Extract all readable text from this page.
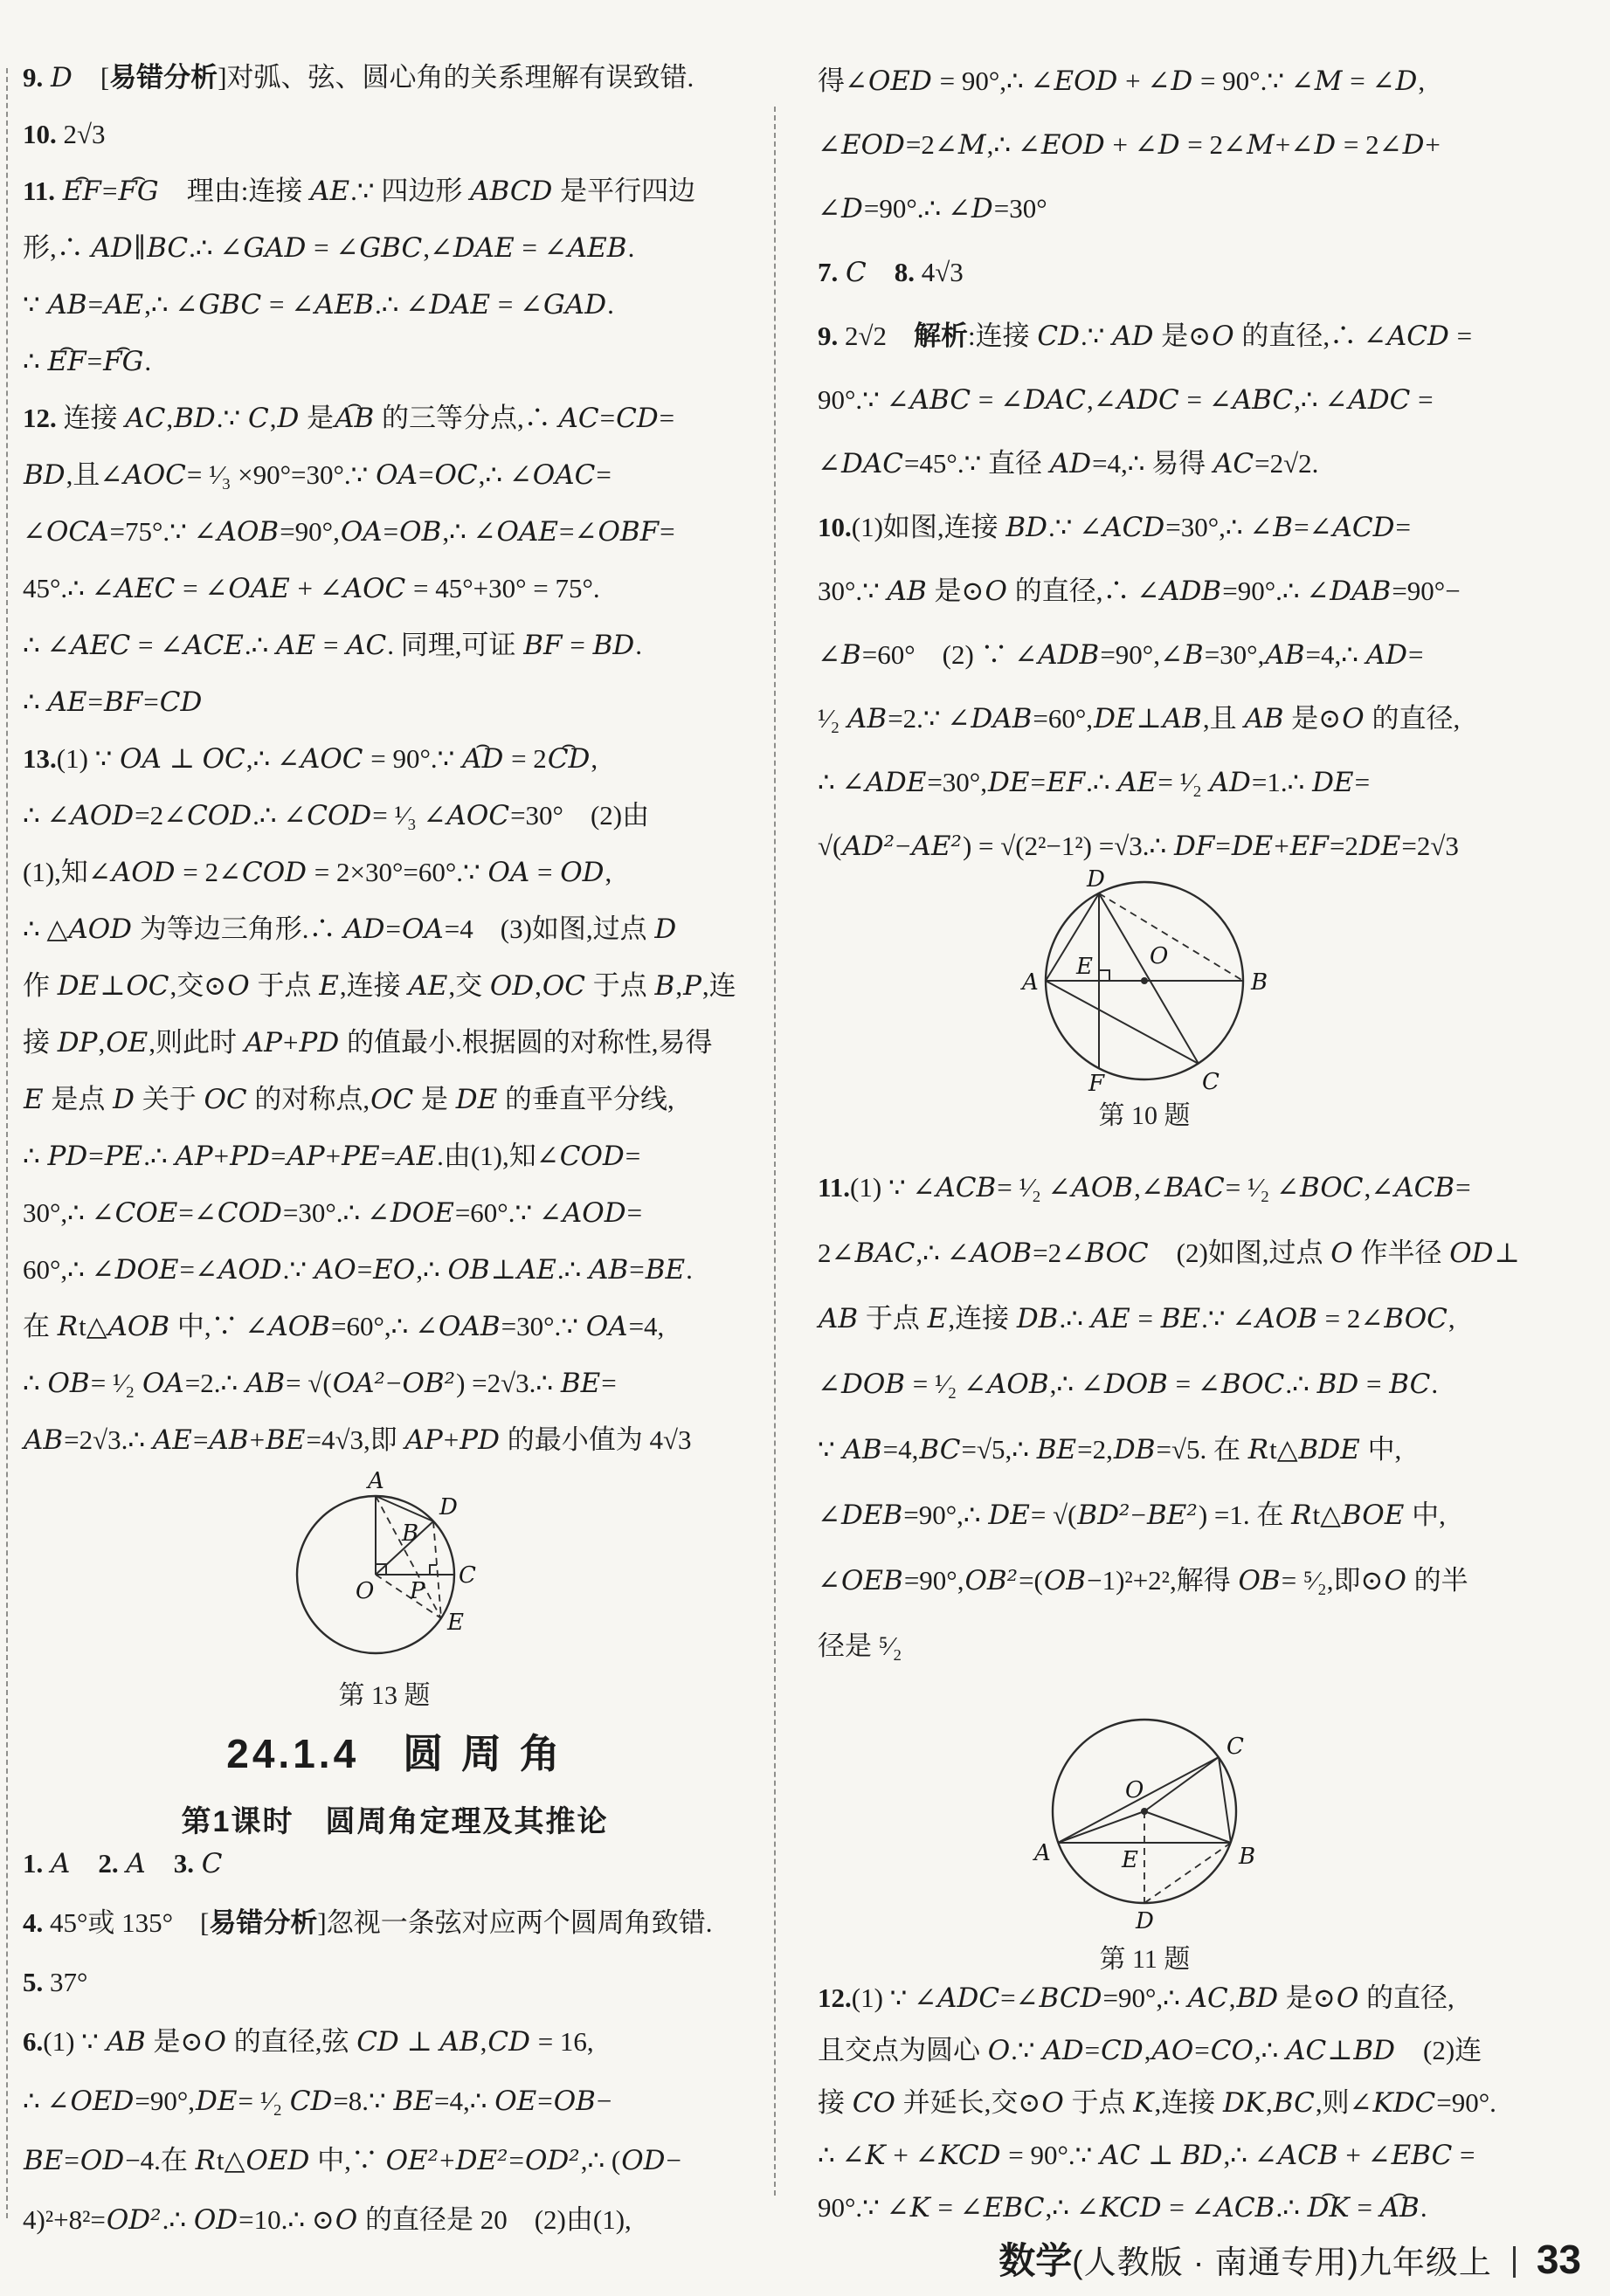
9. D　[易错分析]对弧、弦、圆心角的关系理解有误致错.
10. 2√3
11. ⌢ EF=⌢ FG　理由:连接 AE.∵ 四边形 ABCD 是平行四边
形,∴ AD∥BC.∴ ∠GAD = ∠GBC,∠DAE = ∠AEB.
∵ AB=AE,∴ ∠GBC = ∠AEB.∴ ∠DAE = ∠GAD.
∴ ⌢ EF=⌢ FG.
12. 连接 AC,BD.∵ C,D 是⌢ AB 的三等分点,∴ AC=CD=
BD,且∠AOC= ¹⁄₃ ×90°=30°.∵ OA=OC,∴ ∠OAC=
∠OCA=75°.∵ ∠AOB=90°,OA=OB,∴ ∠OAE=∠OBF=
45°.∴ ∠AEC = ∠OAE + ∠AOC = 45°+30° = 75°.
∴ ∠AEC = ∠ACE.∴ AE = AC. 同理,可证 BF = BD.
∴ AE=BF=CD
13.(1) ∵ OA ⊥ OC,∴ ∠AOC = 90°.∵ ⌢ AD = 2⌢ CD,
∴ ∠AOD=2∠COD.∴ ∠COD= ¹⁄₃ ∠AOC=30°　(2)由
(1),知∠AOD = 2∠COD = 2×30°=60°.∵ OA = OD,
∴ △AOD 为等边三角形.∴ AD=OA=4　(3)如图,过点 D
作 DE⊥OC,交⊙O 于点 E,连接 AE,交 OD,OC 于点 B,P,连
接 DP,OE,则此时 AP+PD 的值最小.根据圆的对称性,易得
E 是点 D 关于 OC 的对称点,OC 是 DE 的垂直平分线,
∴ PD=PE.∴ AP+PD=AP+PE=AE.由(1),知∠COD=
30°,∴ ∠COE=∠COD=30°.∴ ∠DOE=60°.∵ ∠AOD=
60°,∴ ∠DOE=∠AOD.∵ AO=EO,∴ OB⊥AE.∴ AB=BE.
在 Rt△AOB 中,∵ ∠AOB=60°,∴ ∠OAB=30°.∵ OA=4,
∴ OB= ¹⁄₂ OA=2.∴ AB= √(OA²−OB²) =2√3.∴ BE=
AB=2√3.∴ AE=AB+BE=4√3,即 AP+PD 的最小值为 4√3
A
B
C
D
E
O P
第 13 题
24.1.4　圆 周 角
第1课时　圆周角定理及其推论
1. A　 2. A　 3. C
4. 45°或 135°　[易错分析]忽视一条弦对应两个圆周角致错.
5. 37°
6.(1) ∵ AB 是⊙O 的直径,弦 CD ⊥ AB,CD = 16,
∴ ∠OED=90°,DE= ¹⁄₂ CD=8.∵ BE=4,∴ OE=OB−
BE=OD−4.在 Rt△OED 中,∵ OE²+DE²=OD²,∴ (OD−
4)²+8²=OD².∴ OD=10.∴ ⊙O 的直径是 20　(2)由(1),
得∠OED = 90°,∴ ∠EOD + ∠D = 90°.∵ ∠M = ∠D,
∠EOD=2∠M,∴ ∠EOD + ∠D = 2∠M+∠D = 2∠D+
∠D=90°.∴ ∠D=30°
7. C　 8. 4√3
9. 2√2　解析:连接 CD.∵ AD 是⊙O 的直径,∴ ∠ACD =
90°.∵ ∠ABC = ∠DAC,∠ADC = ∠ABC,∴ ∠ADC =
∠DAC=45°.∵ 直径 AD=4,∴ 易得 AC=2√2.
10.(1)如图,连接 BD.∵ ∠ACD=30°,∴ ∠B=∠ACD=
30°.∵ AB 是⊙O 的直径,∴ ∠ADB=90°.∴ ∠DAB=90°−
∠B=60°　(2) ∵ ∠ADB=90°,∠B=30°,AB=4,∴ AD=
¹⁄₂ AB=2.∵ ∠DAB=60°,DE⊥AB,且 AB 是⊙O 的直径,
∴ ∠ADE=30°,DE=EF.∴ AE= ¹⁄₂ AD=1.∴ DE=
√(AD²−AE²) = √(2²−1²) =√3.∴ DF=DE+EF=2DE=2√3
D
E	O
A	B
F	C
第 10 题
11.(1) ∵ ∠ACB= ¹⁄₂ ∠AOB,∠BAC= ¹⁄₂ ∠BOC,∠ACB=
2∠BAC,∴ ∠AOB=2∠BOC　(2)如图,过点 O 作半径 OD⊥
AB 于点 E,连接 DB.∴ AE = BE.∵ ∠AOB = 2∠BOC,
∠DOB = ¹⁄₂ ∠AOB,∴ ∠DOB = ∠BOC.∴ BD = BC.
∵ AB=4,BC=√5,∴ BE=2,DB=√5. 在 Rt△BDE 中,
∠DEB=90°,∴ DE= √(BD²−BE²) =1. 在 Rt△BOE 中,
∠OEB=90°,OB²=(OB−1)²+2²,解得 OB= ⁵⁄₂,即⊙O 的半
径是 ⁵⁄₂
O
C
A	E	B
D
第 11 题
12.(1) ∵ ∠ADC=∠BCD=90°,∴ AC,BD 是⊙O 的直径,
且交点为圆心 O.∵ AD=CD,AO=CO,∴ AC⊥BD　(2)连
接 CO 并延长,交⊙O 于点 K,连接 DK,BC,则∠KDC=90°.
∴ ∠K + ∠KCD = 90°.∵ AC ⊥ BD,∴ ∠ACB + ∠EBC =
90°.∵ ∠K = ∠EBC,∴ ∠KCD = ∠ACB.∴ ⌢ DK = ⌢ AB.
数学(人教版 · 南通专用)九年级上 33
